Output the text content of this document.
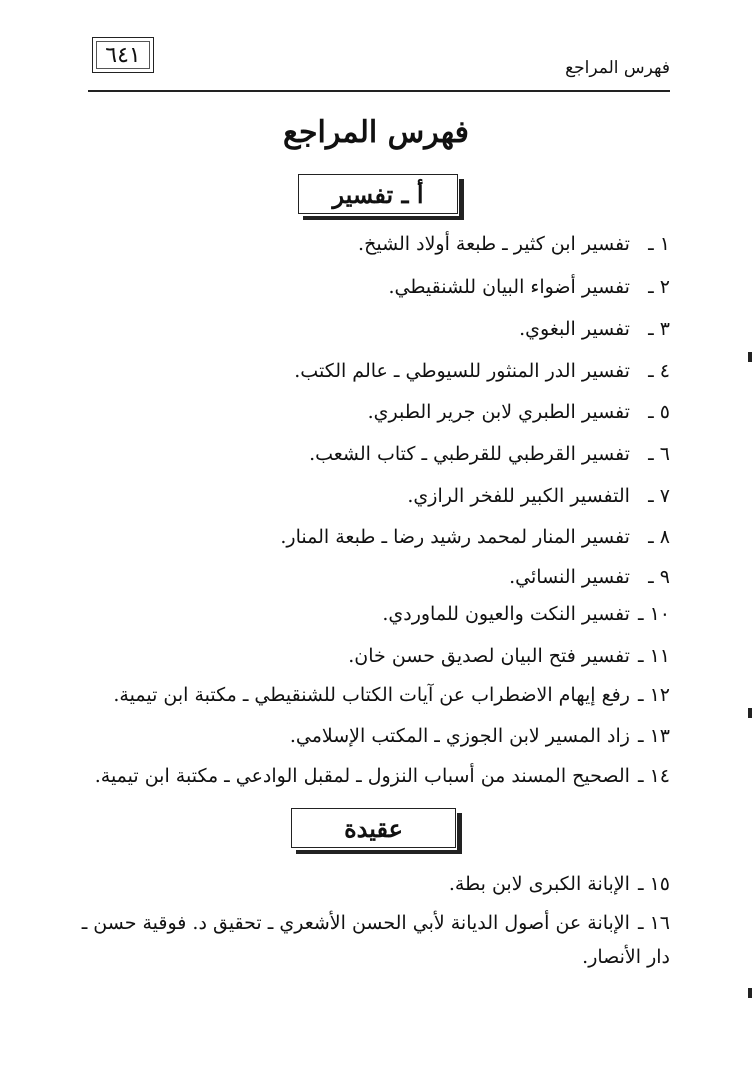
٦٤١
فهرس المراجع
فهرس المراجع
أ ـ تفسير
١ ـ تفسير ابن كثير ـ طبعة أولاد الشيخ.
٢ ـ تفسير أضواء البيان للشنقيطي.
٣ ـ تفسير البغوي.
٤ ـ تفسير الدر المنثور للسيوطي ـ عالم الكتب.
٥ ـ تفسير الطبري لابن جرير الطبري.
٦ ـ تفسير القرطبي للقرطبي ـ كتاب الشعب.
٧ ـ التفسير الكبير للفخر الرازي.
٨ ـ تفسير المنار لمحمد رشيد رضا ـ طبعة المنار.
٩ ـ تفسير النسائي.
١٠ ـ تفسير النكت والعيون للماوردي.
١١ ـ تفسير فتح البيان لصديق حسن خان.
١٢ ـ رفع إيهام الاضطراب عن آيات الكتاب للشنقيطي ـ مكتبة ابن تيمية.
١٣ ـ زاد المسير لابن الجوزي ـ المكتب الإسلامي.
١٤ ـ الصحيح المسند من أسباب النزول ـ لمقبل الوادعي ـ مكتبة ابن تيمية.
عقيدة
١٥ ـ الإبانة الكبرى لابن بطة.
١٦ ـ الإبانة عن أصول الديانة لأبي الحسن الأشعري ـ تحقيق د. فوقية حسن ـ دار الأنصار.
